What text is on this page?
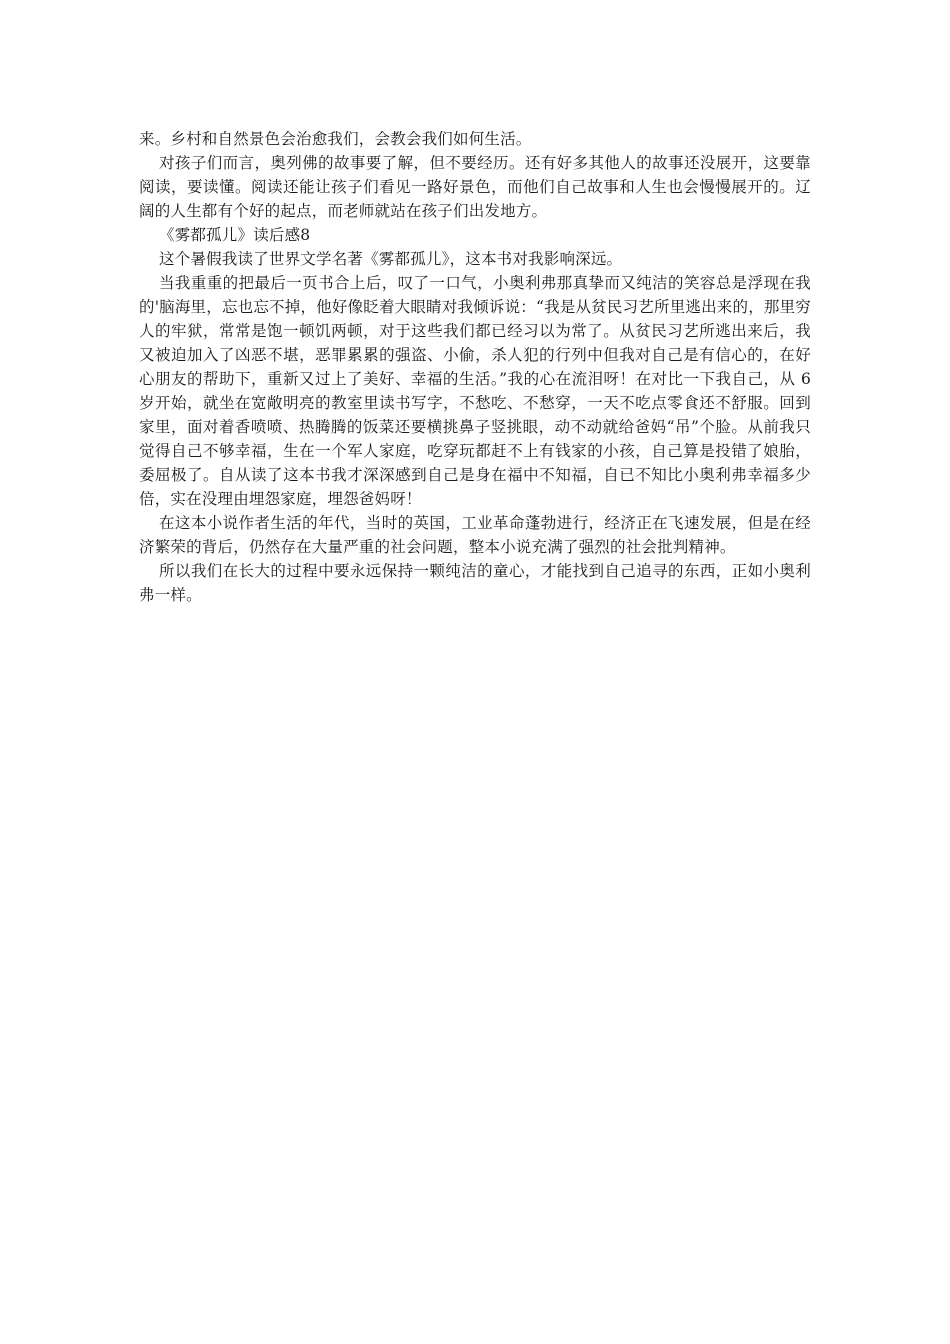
来。乡村和自然景色会治愈我们，会教会我们如何生活。

对孩子们而言，奥列佛的故事要了解，但不要经历。还有好多其他人的故事还没展开，这要靠阅读，要读懂。阅读还能让孩子们看见一路好景色，而他们自己故事和人生也会慢慢展开的。辽阔的人生都有个好的起点，而老师就站在孩子们出发地方。

《雾都孤儿》读后感8

这个暑假我读了世界文学名著《雾都孤儿》，这本书对我影响深远。

当我重重的把最后一页书合上后，叹了一口气，小奥利弗那真挚而又纯洁的笑容总是浮现在我的'脑海里，忘也忘不掉，他好像眨着大眼睛对我倾诉说：“我是从贫民习艺所里逃出来的，那里穷人的牢狱，常常是饱一顿饥两顿，对于这些我们都已经习以为常了。从贫民习艺所逃出来后，我又被迫加入了凶恶不堪，恶罪累累的强盗、小偷，杀人犯的行列中但我对自己是有信心的，在好心朋友的帮助下，重新又过上了美好、幸福的生活。”我的心在流泪呀！在对比一下我自己，从 6 岁开始，就坐在宽敞明亮的教室里读书写字，不愁吃、不愁穿，一天不吃点零食还不舒服。回到家里，面对着香喷喷、热腾腾的饭菜还要横挑鼻子竖挑眼，动不动就给爸妈“吊”个脸。从前我只觉得自己不够幸福，生在一个军人家庭，吃穿玩都赶不上有钱家的小孩，自己算是投错了娘胎，委屈极了。自从读了这本书我才深深感到自己是身在福中不知福，自已不知比小奥利弗幸福多少倍，实在没理由埋怨家庭，埋怨爸妈呀！

在这本小说作者生活的年代，当时的英国，工业革命蓬勃进行，经济正在飞速发展，但是在经济繁荣的背后，仍然存在大量严重的社会问题，整本小说充满了强烈的社会批判精神。

所以我们在长大的过程中要永远保持一颗纯洁的童心，才能找到自己追寻的东西，正如小奥利弗一样。
